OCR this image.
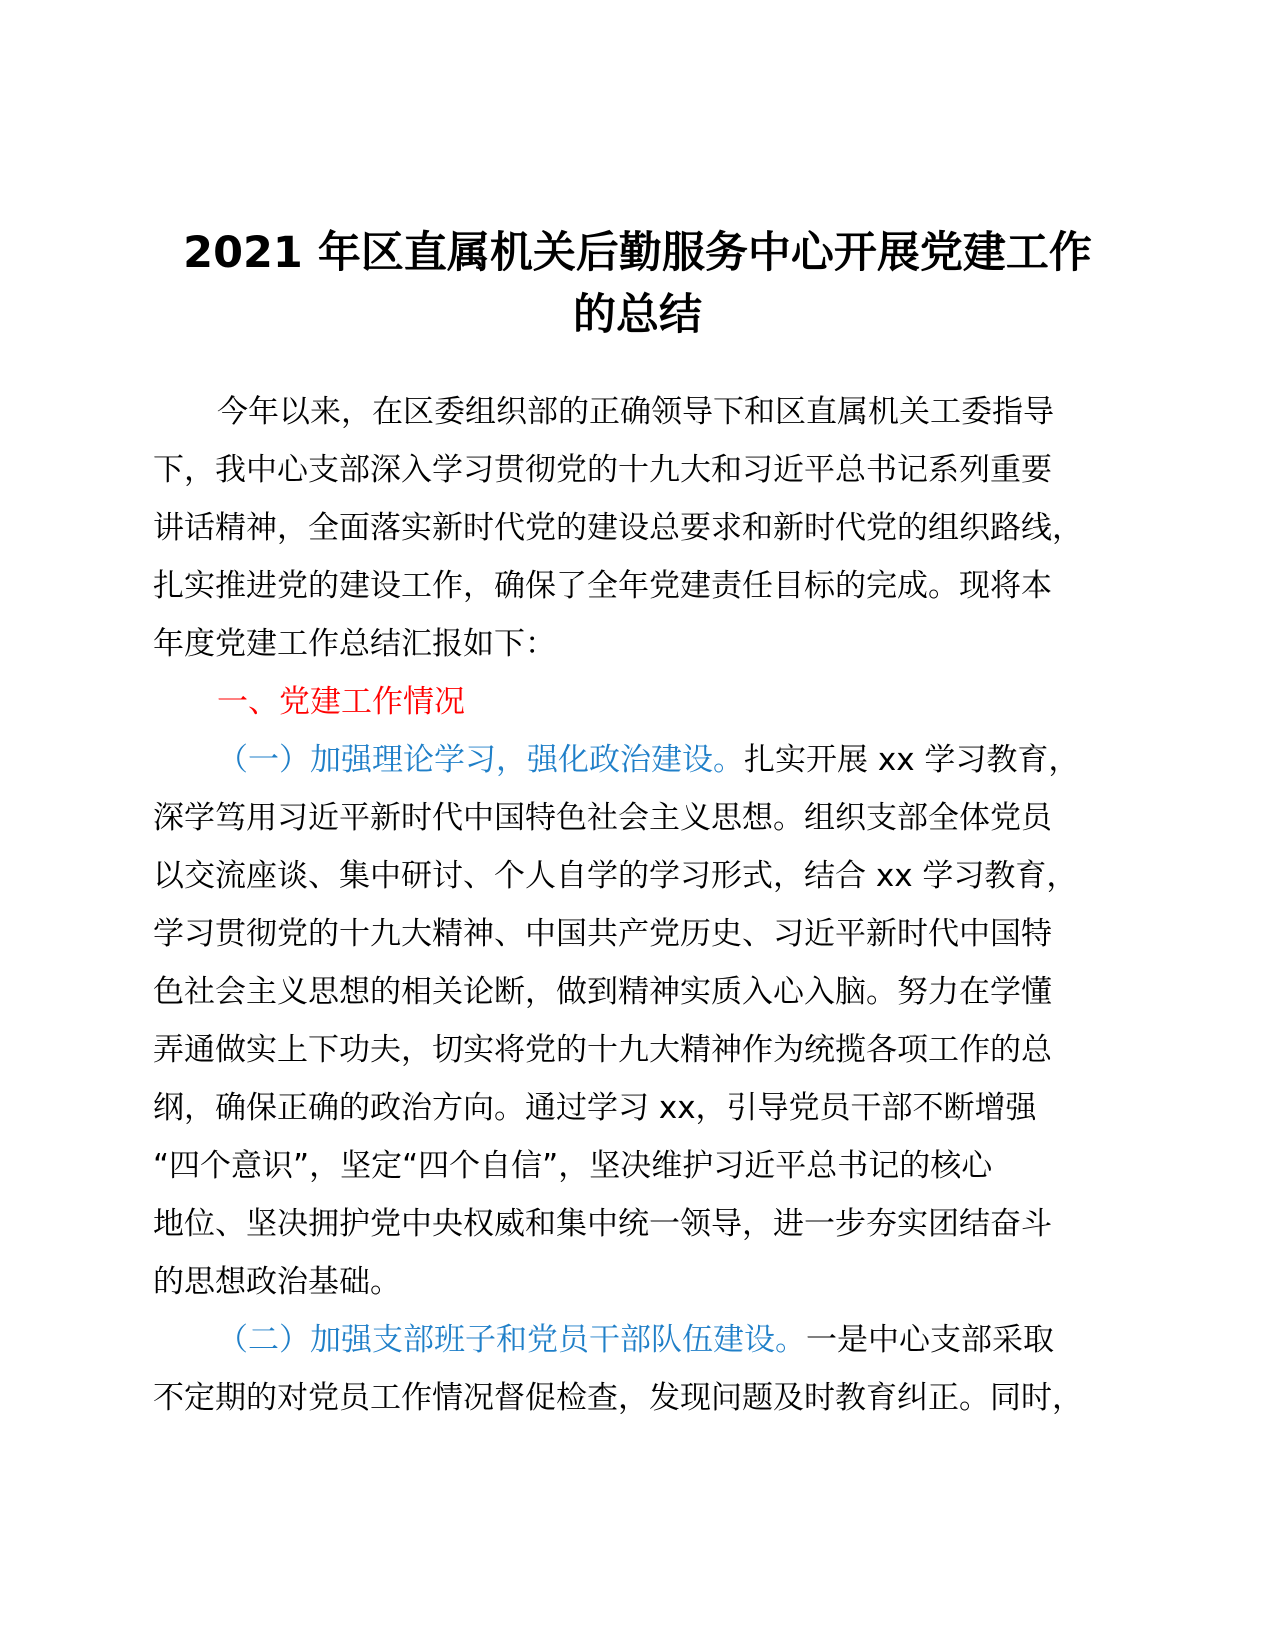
2021 年区直属机关后勤服务中心开展党建工作
的总结
今年以来，在区委组织部的正确领导下和区直属机关工委指导
下，我中心支部深入学习贯彻党的十九大和习近平总书记系列重要
讲话精神，全面落实新时代党的建设总要求和新时代党的组织路线，
扎实推进党的建设工作，确保了全年党建责任目标的完成。现将本
年度党建工作总结汇报如下：
一、党建工作情况
（一）加强理论学习，强化政治建设。扎实开展 xx 学习教育，
深学笃用习近平新时代中国特色社会主义思想。组织支部全体党员
以交流座谈、集中研讨、个人自学的学习形式，结合 xx 学习教育，
学习贯彻党的十九大精神、中国共产党历史、习近平新时代中国特
色社会主义思想的相关论断，做到精神实质入心入脑。努力在学懂
弄通做实上下功夫，切实将党的十九大精神作为统揽各项工作的总
纲，确保正确的政治方向。通过学习 xx，引导党员干部不断增强
“四个意识”，坚定“四个自信”，坚决维护习近平总书记的核心
地位、坚决拥护党中央权威和集中统一领导，进一步夯实团结奋斗
的思想政治基础。
（二）加强支部班子和党员干部队伍建设。一是中心支部采取
不定期的对党员工作情况督促检查，发现问题及时教育纠正。同时，
